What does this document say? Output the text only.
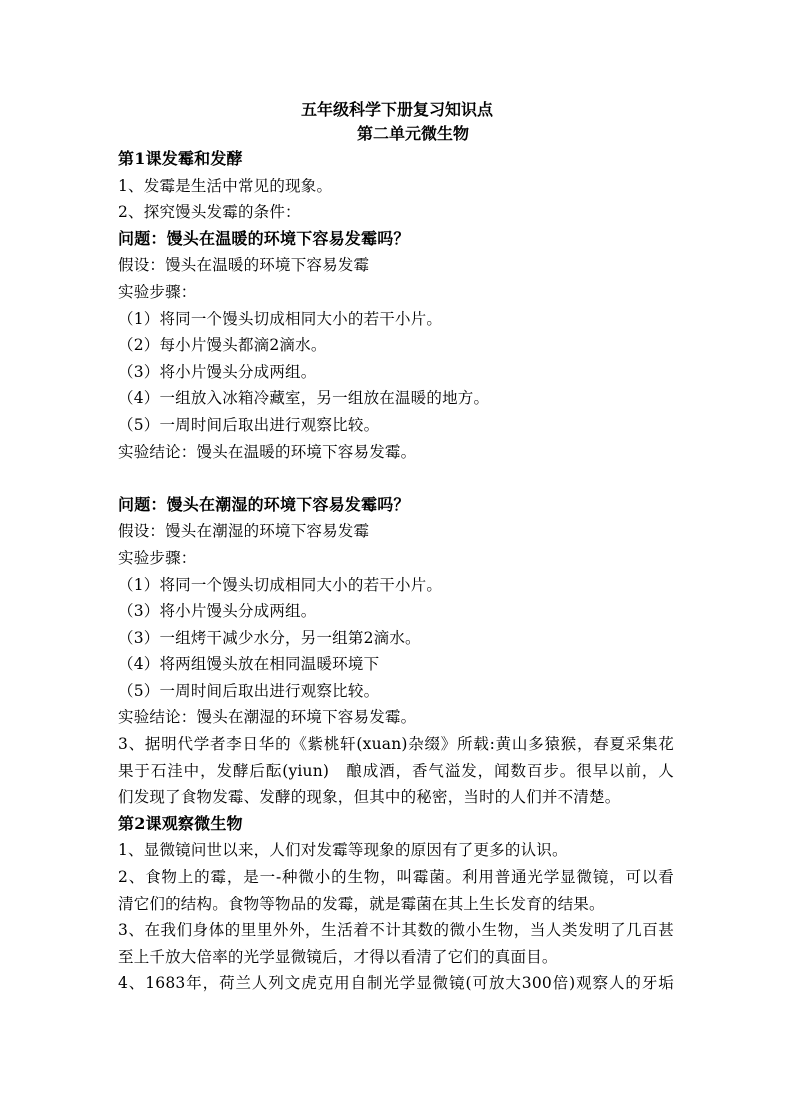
五年级科学下册复习知识点
第二单元微生物
第1课发霉和发酵
1、发霉是生活中常见的现象。
2、探究馒头发霉的条件：
问题：馒头在温暖的环境下容易发霉吗？
假设：馒头在温暖的环境下容易发霉
实验步骤：
（1）将同一个馒头切成相同大小的若干小片。
（2）每小片馒头都滴2滴水。
（3）将小片馒头分成两组。
（4）一组放入冰箱冷藏室，另一组放在温暖的地方。
（5）一周时间后取出进行观察比较。
实验结论：馒头在温暖的环境下容易发霉。
问题：馒头在潮湿的环境下容易发霉吗？
假设：馒头在潮湿的环境下容易发霉
实验步骤：
（1）将同一个馒头切成相同大小的若干小片。
（3）将小片馒头分成两组。
（3）一组烤干减少水分，另一组第2滴水。
（4）将两组馒头放在相同温暖环境下
（5）一周时间后取出进行观察比较。
实验结论：馒头在潮湿的环境下容易发霉。
3、据明代学者李日华的《紫桃轩(xuan)杂缀》所载:黄山多猿猴，春夏采集花
果于石洼中，发酵后酝(yiun)　酿成酒，香气溢发，闻数百步。很早以前，人
们发现了食物发霉、发酵的现象，但其中的秘密，当时的人们并不清楚。
第2课观察微生物
1、显微镜问世以来，人们对发霉等现象的原因有了更多的认识。
2、食物上的霉，是一-种微小的生物，叫霉菌。利用普通光学显微镜，可以看
清它们的结构。食物等物品的发霉，就是霉菌在其上生长发育的结果。
3、在我们身体的里里外外，生活着不计其数的微小生物，当人类发明了几百甚
至上千放大倍率的光学显微镜后，才得以看清了它们的真面目。
4、1683年，荷兰人列文虎克用自制光学显微镜(可放大300倍)观察人的牙垢
